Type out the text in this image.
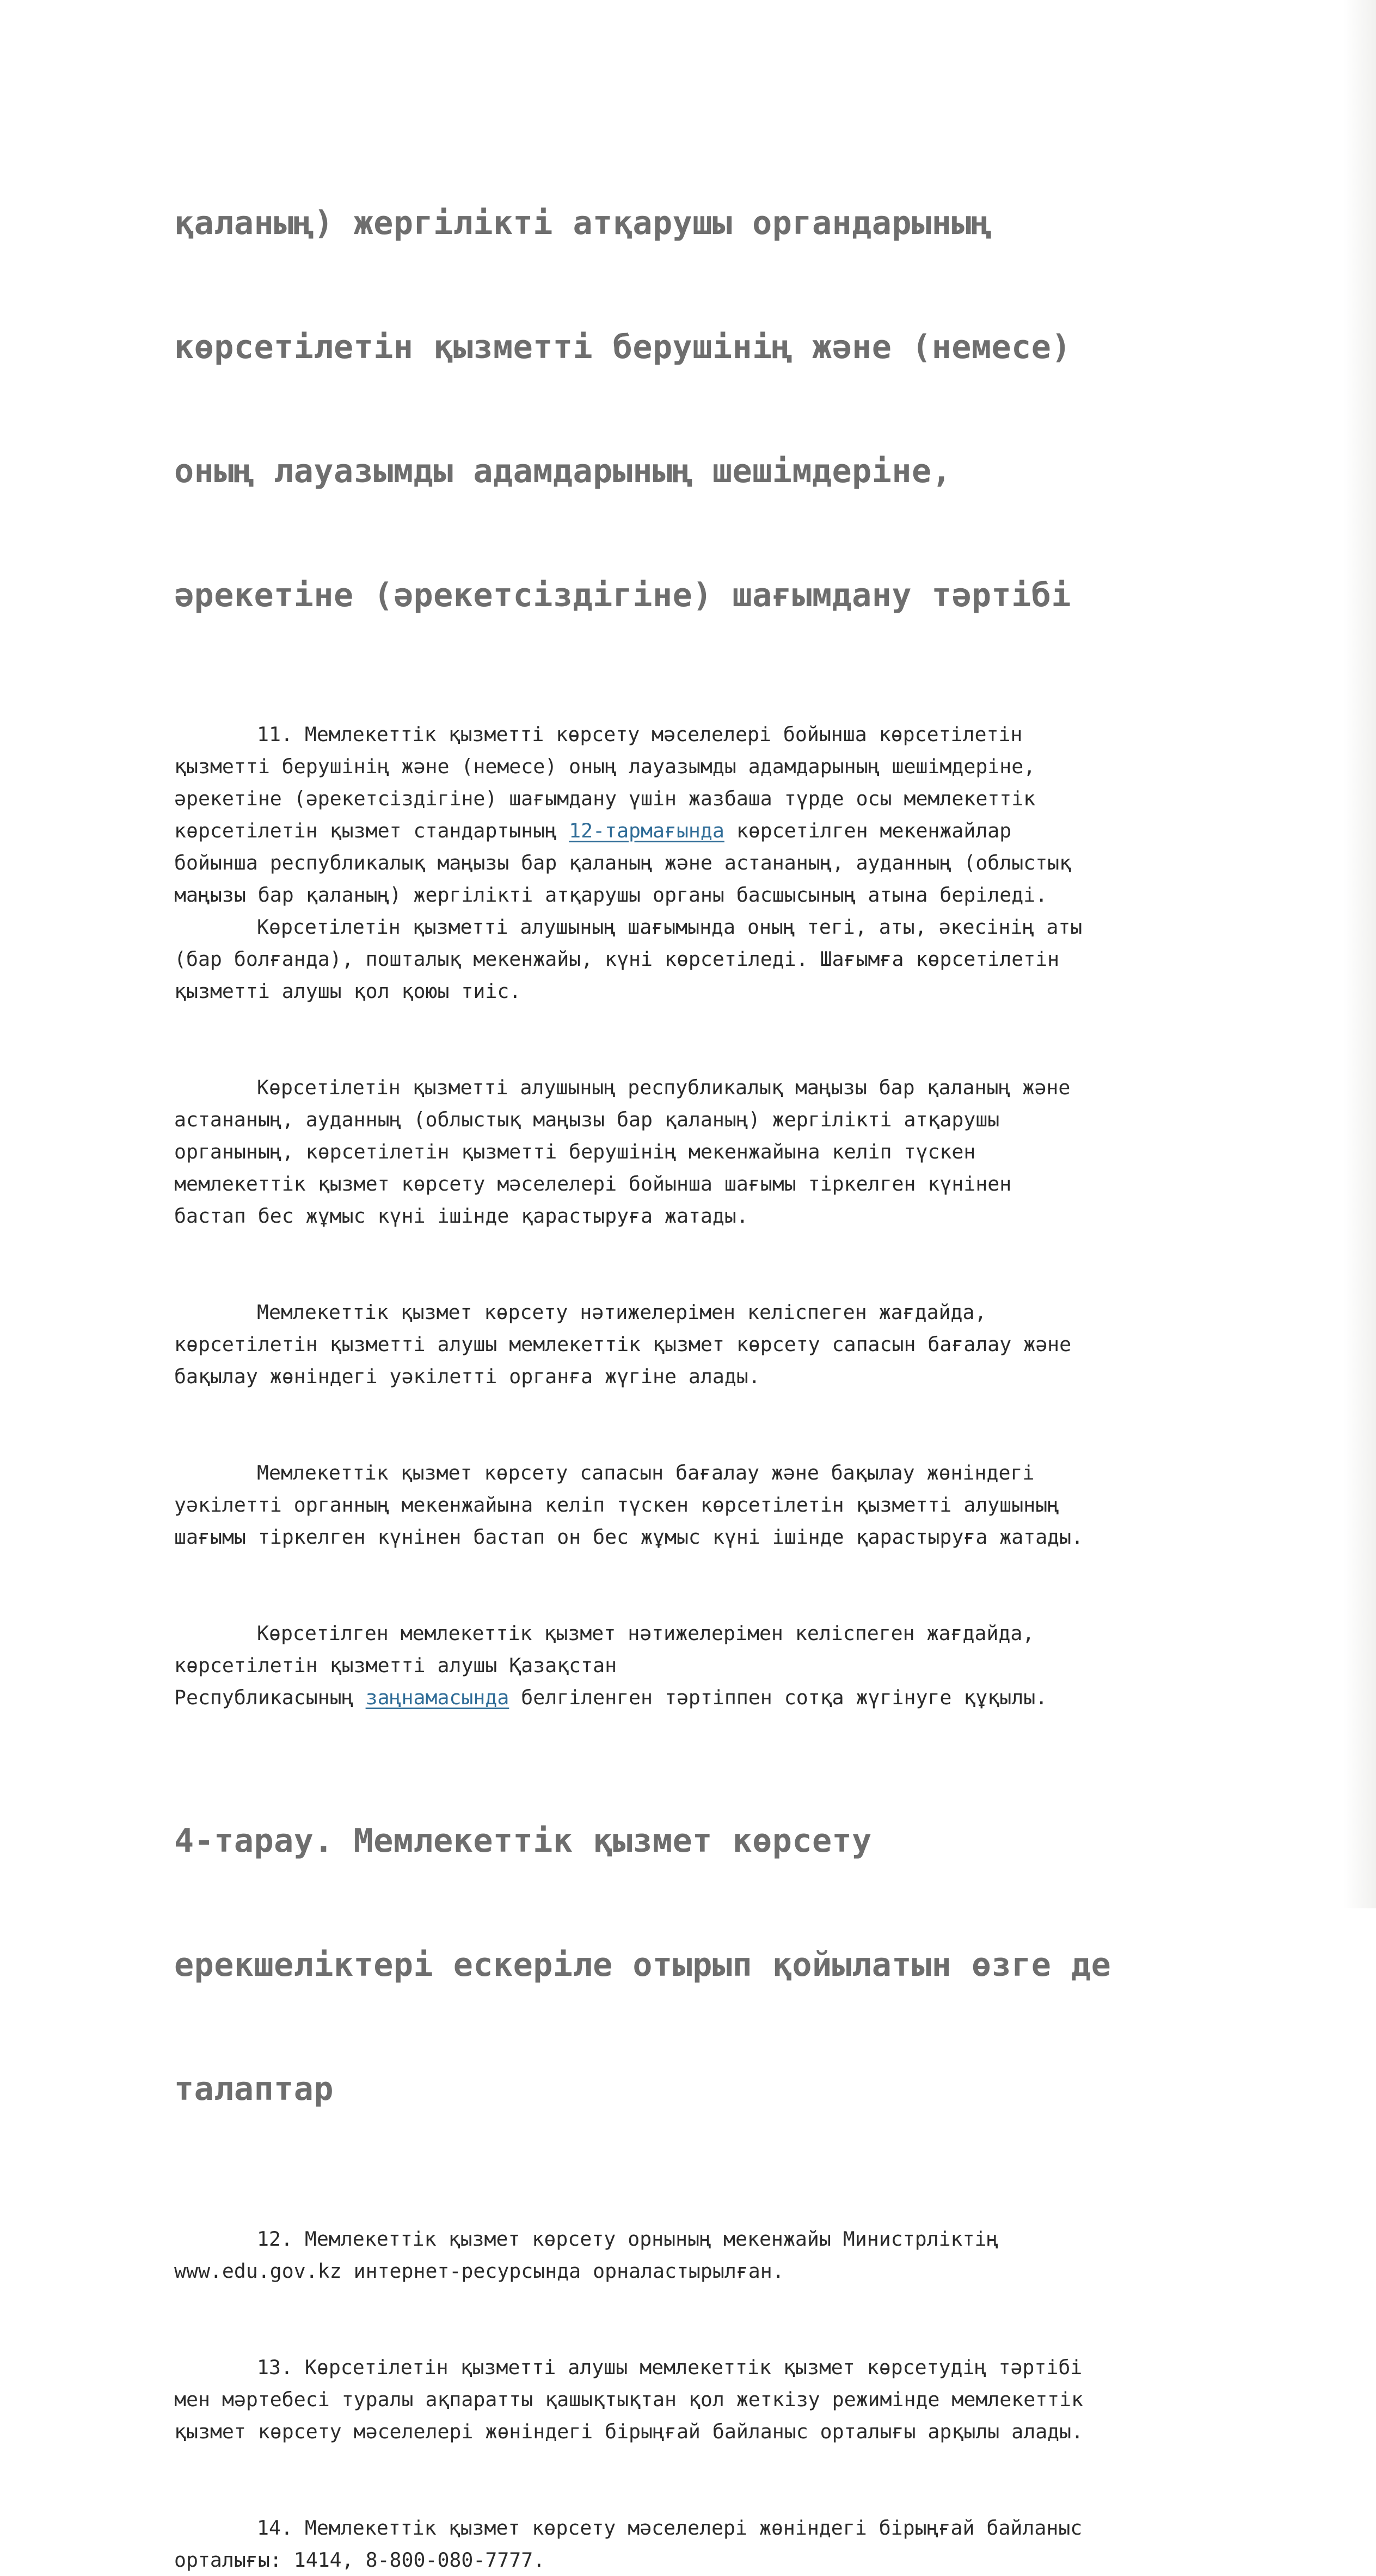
қаланың) жергілікті атқарушы органдарының

көрсетілетін қызметті берушінің және (немесе)

оның лауазымды адамдарының шешімдеріне,

әрекетіне (әрекетсіздігіне) шағымдану тәртібі

11. Мемлекеттік қызметті көрсету мәселелері бойынша көрсетілетін
қызметті берушінің және (немесе) оның лауазымды адамдарының шешімдеріне,
әрекетіне (әрекетсіздігіне) шағымдану үшін жазбаша түрде осы мемлекеттік
көрсетілетін қызмет стандартының 12-тармағында көрсетілген мекенжайлар
бойынша республикалық маңызы бар қаланың және астананың, ауданның (облыстық
маңызы бар қаланың) жергілікті атқарушы органы басшысының атына беріледі.

Көрсетілетін қызметті алушының шағымында оның тегі, аты, әкесінің аты
(бар болғанда), пошталық мекенжайы, күні көрсетіледі. Шағымға көрсетілетін
қызметті алушы қол қоюы тиіс.

Көрсетілетін қызметті алушының республикалық маңызы бар қаланың және
астананың, ауданның (облыстық маңызы бар қаланың) жергілікті атқарушы
органының, көрсетілетін қызметті берушінің мекенжайына келіп түскен
мемлекеттік қызмет көрсету мәселелері бойынша шағымы тіркелген күнінен
бастап бес жұмыс күні ішінде қарастыруға жатады.

Мемлекеттік қызмет көрсету нәтижелерімен келіспеген жағдайда,
көрсетілетін қызметті алушы мемлекеттік қызмет көрсету сапасын бағалау және
бақылау жөніндегі уәкілетті органға жүгіне алады.

Мемлекеттік қызмет көрсету сапасын бағалау және бақылау жөніндегі
уәкілетті органның мекенжайына келіп түскен көрсетілетін қызметті алушының
шағымы тіркелген күнінен бастап он бес жұмыс күні ішінде қарастыруға жатады.

Көрсетілген мемлекеттік қызмет нәтижелерімен келіспеген жағдайда,
көрсетілетін қызметті алушы Қазақстан
Республикасының заңнамасында белгіленген тәртіппен сотқа жүгінуге құқылы.

4-тарау. Мемлекеттік қызмет көрсету

ерекшеліктері ескеріле отырып қойылатын өзге де

талаптар

12. Мемлекеттік қызмет көрсету орнының мекенжайы Министрліктің
www.edu.gov.kz интернет-ресурсында орналастырылған.

13. Көрсетілетін қызметті алушы мемлекеттік қызмет көрсетудің тәртібі
мен мәртебесі туралы ақпаратты қашықтықтан қол жеткізу режимінде мемлекеттік
қызмет көрсету мәселелері жөніндегі бірыңғай байланыс орталығы арқылы алады.

14. Мемлекеттік қызмет көрсету мәселелері жөніндегі бірыңғай байланыс
орталығы: 1414, 8-800-080-7777.
